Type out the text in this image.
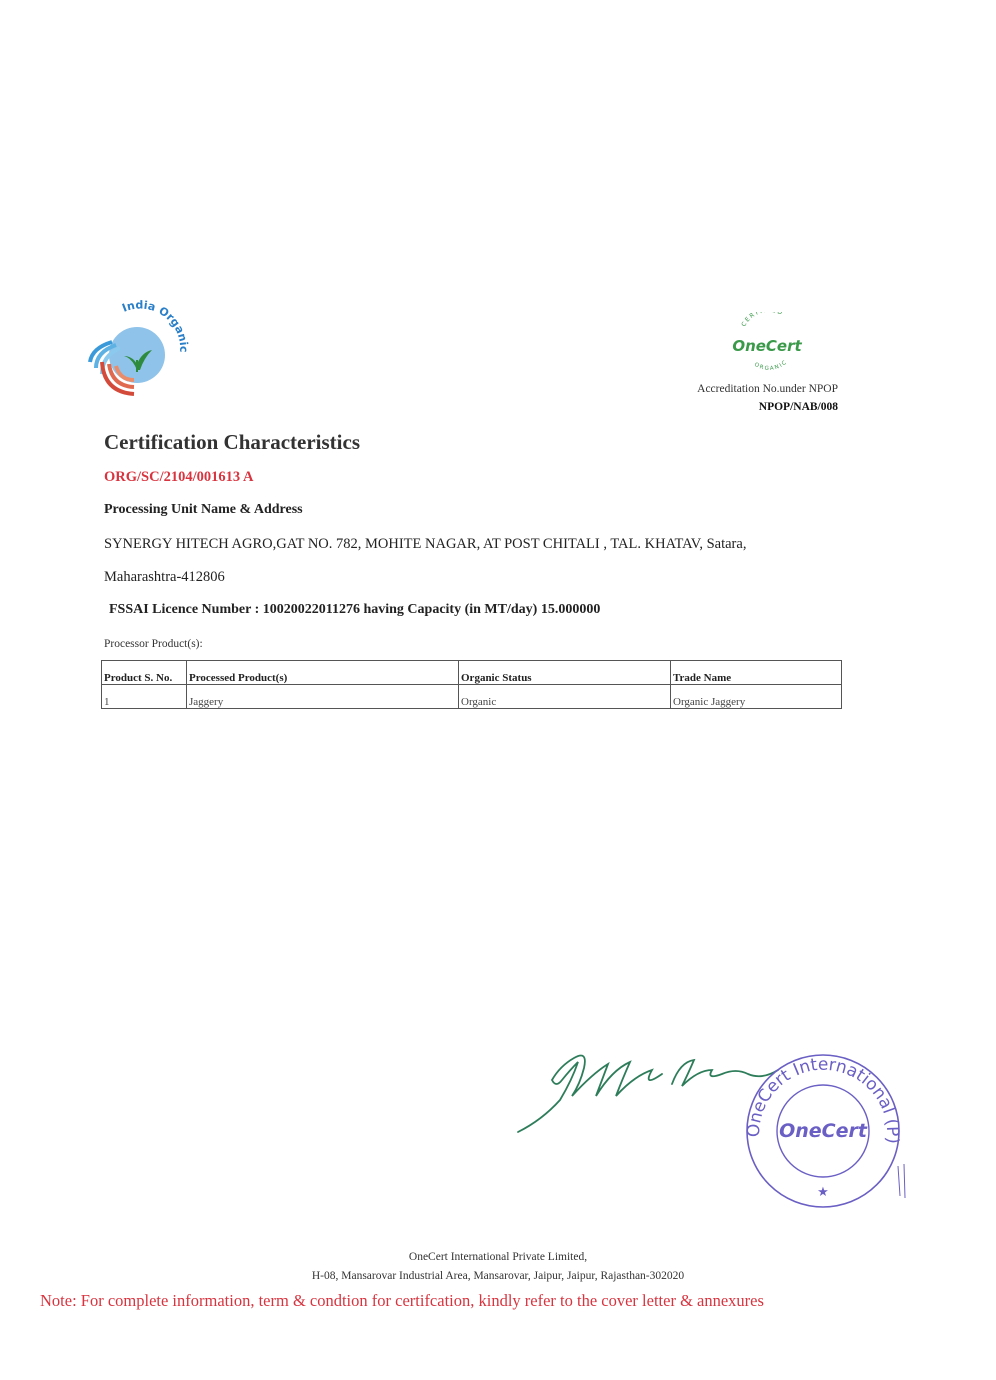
India Organic
CERT D
OneCert
ORGANIC
Accreditation No.under NPOP
NPOP/NAB/008
Certification Characteristics
ORG/SC/2104/001613 A
Processing Unit Name & Address
SYNERGY HITECH AGRO,GAT NO. 782, MOHITE NAGAR, AT POST CHITALI , TAL. KHATAV, Satara,
Maharashtra-412806
FSSAI Licence Number : 10020022011276 having Capacity (in MT/day) 15.000000
Processor Product(s):
Product S. No.	Processed Product(s)	Organic Status	Trade Name
1	Jaggery	Organic	Organic Jaggery
OneCert International (P)
OneCert
★
OneCert International Private Limited,
H-08, Mansarovar Industrial Area, Mansarovar, Jaipur, Jaipur, Rajasthan-302020
Note: For complete information, term & condtion for certifcation, kindly refer to the cover letter & annexures
